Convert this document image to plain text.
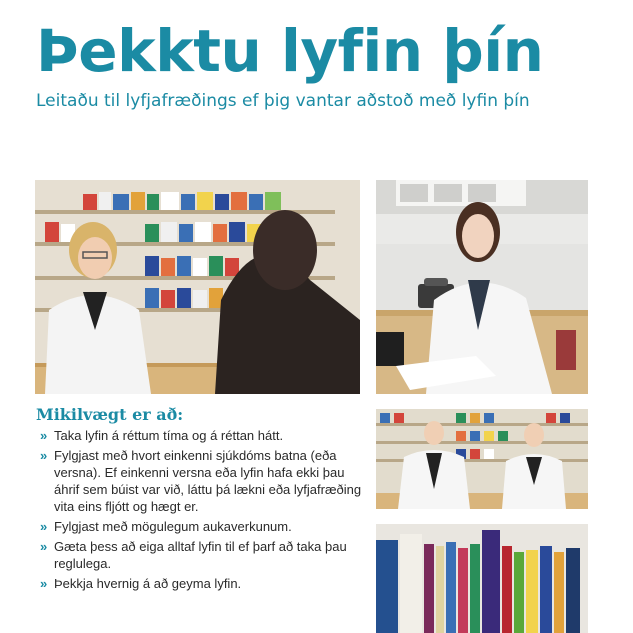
Þekktu lyfin þín
Leitaðu til lyfjafræðings ef þig vantar aðstoð með lyfin þín
Mikilvægt er að:
» Taka lyfin á réttum tíma og á réttan hátt.
» Fylgjast með hvort einkenni sjúkdóms batna (eða versna). Ef einkenni versna eða lyfin hafa ekki þau áhrif sem búist var við, láttu þá lækni eða lyfjafræðing vita eins fljótt og hægt er.
» Fylgjast með mögulegum aukaverkunum.
» Gæta þess að eiga alltaf lyfin til ef þarf að taka þau reglulega.
» Þekkja hvernig á að geyma lyfin.
